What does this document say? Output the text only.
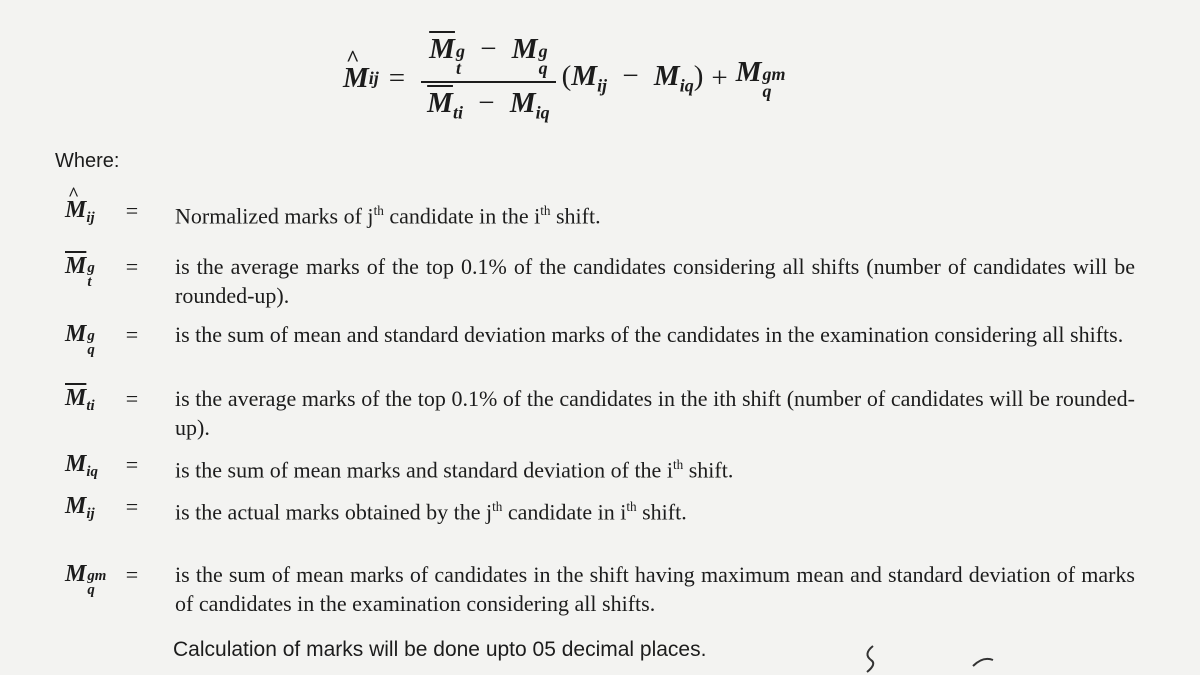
^ M ij = $\overline{M}$ g
t
− M g
q
$\overline{M}_{ti} - M_{iq}$ $(M_{ij} - M_{iq}) + M$ gm
q
Where:
^ $M_{ij}$	=	Normalized marks of $j^{th}$ candidate in the $i^{th}$ shift.
$\overline{M}$ g
t
=	is the average marks of the top 0.1% of the candidates considering all shifts (number of candidates will be rounded-up).
M g
q
=	is the sum of mean and standard deviation marks of the candidates in the examination considering all shifts.
$\overline{M}_{ti}$	=	is the average marks of the top 0.1% of the candidates in the ith shift (number of candidates will be rounded-up).
$M_{iq}$	=	is the sum of mean marks and standard deviation of the $i^{th}$ shift.
$M_{ij}$	=	is the actual marks obtained by the $j^{th}$ candidate in $i^{th}$ shift.
M gm
q
=	is the sum of mean marks of candidates in the shift having maximum mean and standard deviation of marks of candidates in the examination considering all shifts.
Calculation of marks will be done upto 05 decimal places.
